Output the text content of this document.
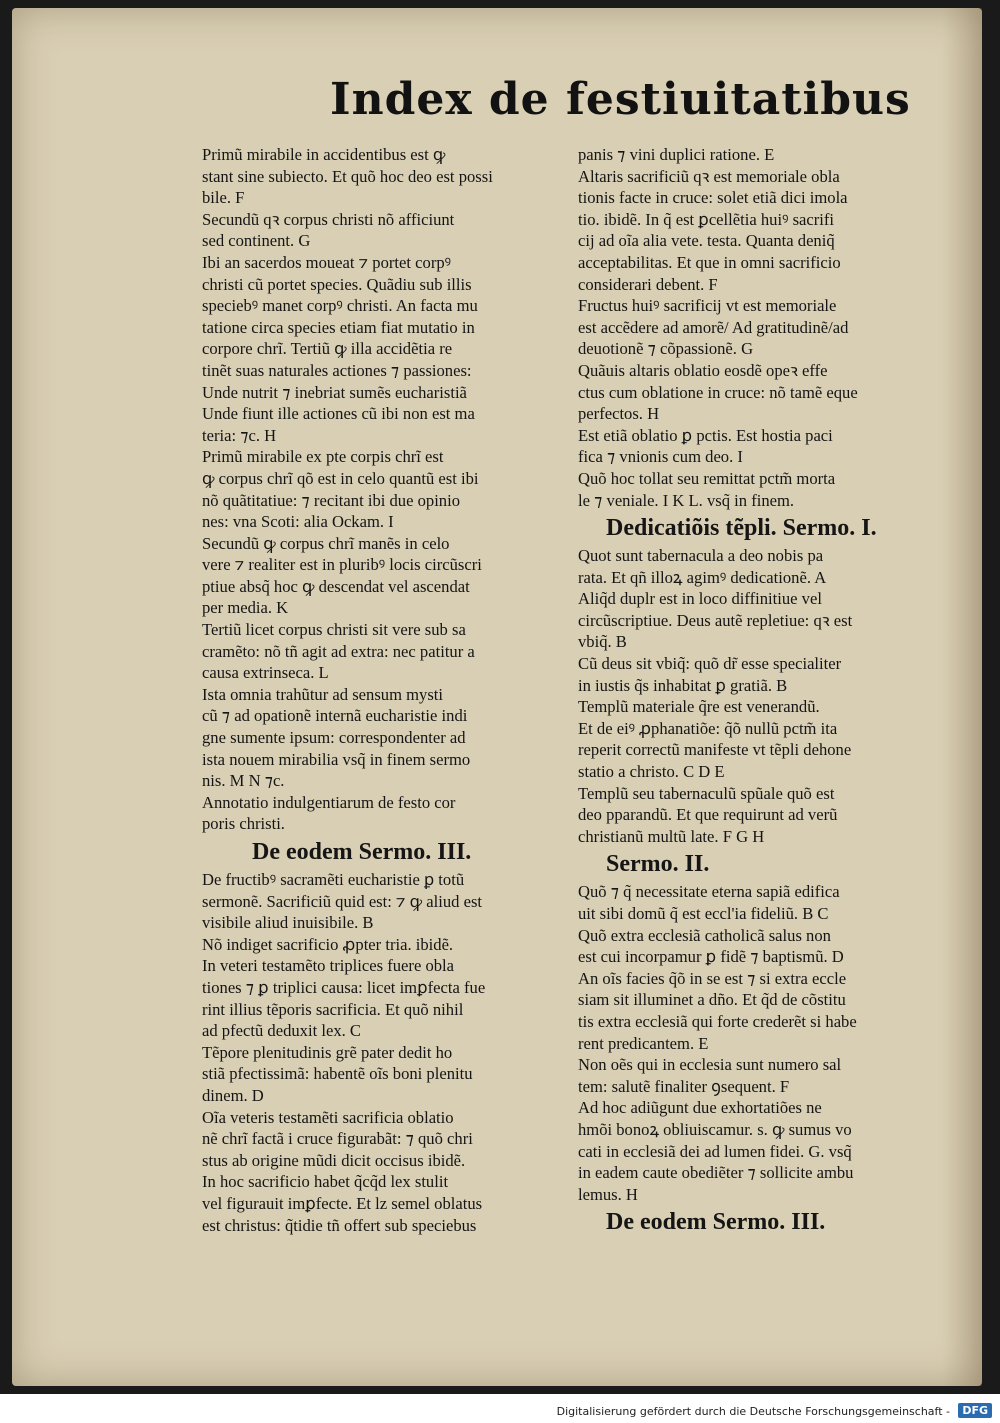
Index de festiuitatibus
Primũ mirabile in accidentibus est ꝙ
stant sine subiecto. Et quõ hoc deo est possi
bile. F
Secundũ qꝛ corpus christi nõ afficiunt
sed continent. G
Ibi an sacerdos moueat ⁊ portet corpꝰ
christi cũ portet species. Quãdiu sub illis
speciebꝰ manet corpꝰ christi. An facta mu
tatione circa species etiam fiat mutatio in
corpore chrĩ. Tertiũ ꝙ illa accidẽtia re
tinẽt suas naturales actiones ⁊ passiones:
Unde nutrit ⁊ inebriat sumẽs eucharistiã
Unde fiunt ille actiones cũ ibi non est ma
teria: ⁊c. H
Primũ mirabile ex pte corpis chrĩ est
ꝙ corpus chrĩ qõ est in celo quantũ est ibi
nõ quãtitatiue: ⁊ recitant ibi due opinio
nes: vna Scoti: alia Ockam. I
Secundũ ꝙ corpus chrĩ manẽs in celo
vere ⁊ realiter est in pluribꝰ locis circũscri
ptiue absq̃ hoc ꝙ descendat vel ascendat
per media. K
Tertiũ licet corpus christi sit vere sub sa
cramẽto: nõ tñ agit ad extra: nec patitur a
causa extrinseca. L
Ista omnia trahũtur ad sensum mysti
cũ ⁊ ad opationẽ internã eucharistie indi
gne sumente ipsum: correspondenter ad
ista nouem mirabilia vsq̃ in finem sermo
nis. M N ⁊c.
Annotatio indulgentiarum de festo cor
poris christi.
De eodem Sermo. III.
De fructibꝰ sacramẽti eucharistie ꝑ totũ
sermonẽ. Sacrificiũ quid est: ⁊ ꝙ aliud est
visibile aliud inuisibile. B
Nõ indiget sacrificio ꝓpter tria. ibidẽ.
In veteri testamẽto triplices fuere obla
tiones ⁊ ꝑ triplici causa: licet imꝑfecta fue
rint illius tẽporis sacrificia. Et quõ nihil
ad pfectũ deduxit lex. C
Tẽpore plenitudinis grẽ pater dedit ho
stiã pfectissimã: habentẽ oĩs boni plenitu
dinem. D
Oĩa veteris testamẽti sacrificia oblatio
nẽ chrĩ factã i cruce figurabãt: ⁊ quõ chri
stus ab origine mũdi dicit occisus ibidẽ.
In hoc sacrificio habet q̃cq̃d lex stulit
vel figurauit imꝑfecte. Et lz semel oblatus
est christus: q̃tidie tñ offert sub speciebus
panis ⁊ vini duplici ratione. E
Altaris sacrificiũ qꝛ est memoriale obla
tionis facte in cruce: solet etiã dici imola
tio. ibidẽ. In q̃ est ꝑcellẽtia huiꝰ sacrifi
cij ad oĩa alia vete. testa. Quanta deniq̃
acceptabilitas. Et que in omni sacrificio
considerari debent. F
Fructus huiꝰ sacrificij vt est memoriale
est accẽdere ad amorẽ/ Ad gratitudinẽ/ad
deuotionẽ ⁊ cõpassionẽ. G
Quãuis altaris oblatio eosdẽ opeꝛ effe
ctus cum oblatione in cruce: nõ tamẽ eque
perfectos. H
Est etiã oblatio ꝑ pctis. Est hostia paci
fica ⁊ vnionis cum deo. I
Quõ hoc tollat seu remittat pctm̃ morta
le ⁊ veniale. I K L. vsq̃ in finem.
Dedicatiõis tẽpli. Sermo. I.
Quot sunt tabernacula a deo nobis pa
rata. Et qñ illoꝝ agimꝰ dedicationẽ. A
Aliq̃d duplr est in loco diffinitiue vel
circũscriptiue. Deus autẽ repletiue: qꝛ est
vbiq̃. B
Cũ deus sit vbiq̃: quõ dr̃ esse specialiter
in iustis q̃s inhabitat ꝑ gratiã. B
Templũ materiale q̃re est venerandũ.
Et de eiꝰ ꝓphanatiõe: q̃õ nullũ pctm̃ ita
reperit correctũ manifeste vt tẽpli dehone
statio a christo. C D E
Templũ seu tabernaculũ spũale quõ est
deo pparandũ. Et que requirunt ad verũ
christianũ multũ late. F G H
Sermo. II.
Quõ ⁊ q̃ necessitate eterna sapiã edifica
uit sibi domũ q̃ est eccl'ia fideliũ. B C
Quõ extra ecclesiã catholicã salus non
est cui incorpamur ꝑ fidẽ ⁊ baptismũ. D
An oĩs facies q̃õ in se est ⁊ si extra eccle
siam sit illuminet a dño. Et q̃d de cõstitu
tis extra ecclesiã qui forte crederẽt si habe
rent predicantem. E
Non oẽs qui in ecclesia sunt numero sal
tem: salutẽ finaliter ꝯsequent. F
Ad hoc adiũgunt due exhortatiões ne
hmõi bonoꝝ obliuiscamur. s. ꝙ sumus vo
cati in ecclesiã dei ad lumen fidei. G. vsq̃
in eadem caute obediẽter ⁊ sollicite ambu
lemus. H
De eodem Sermo. III.
Digitalisierung gefördert durch die Deutsche Forschungsgemeinschaft -	DFG
